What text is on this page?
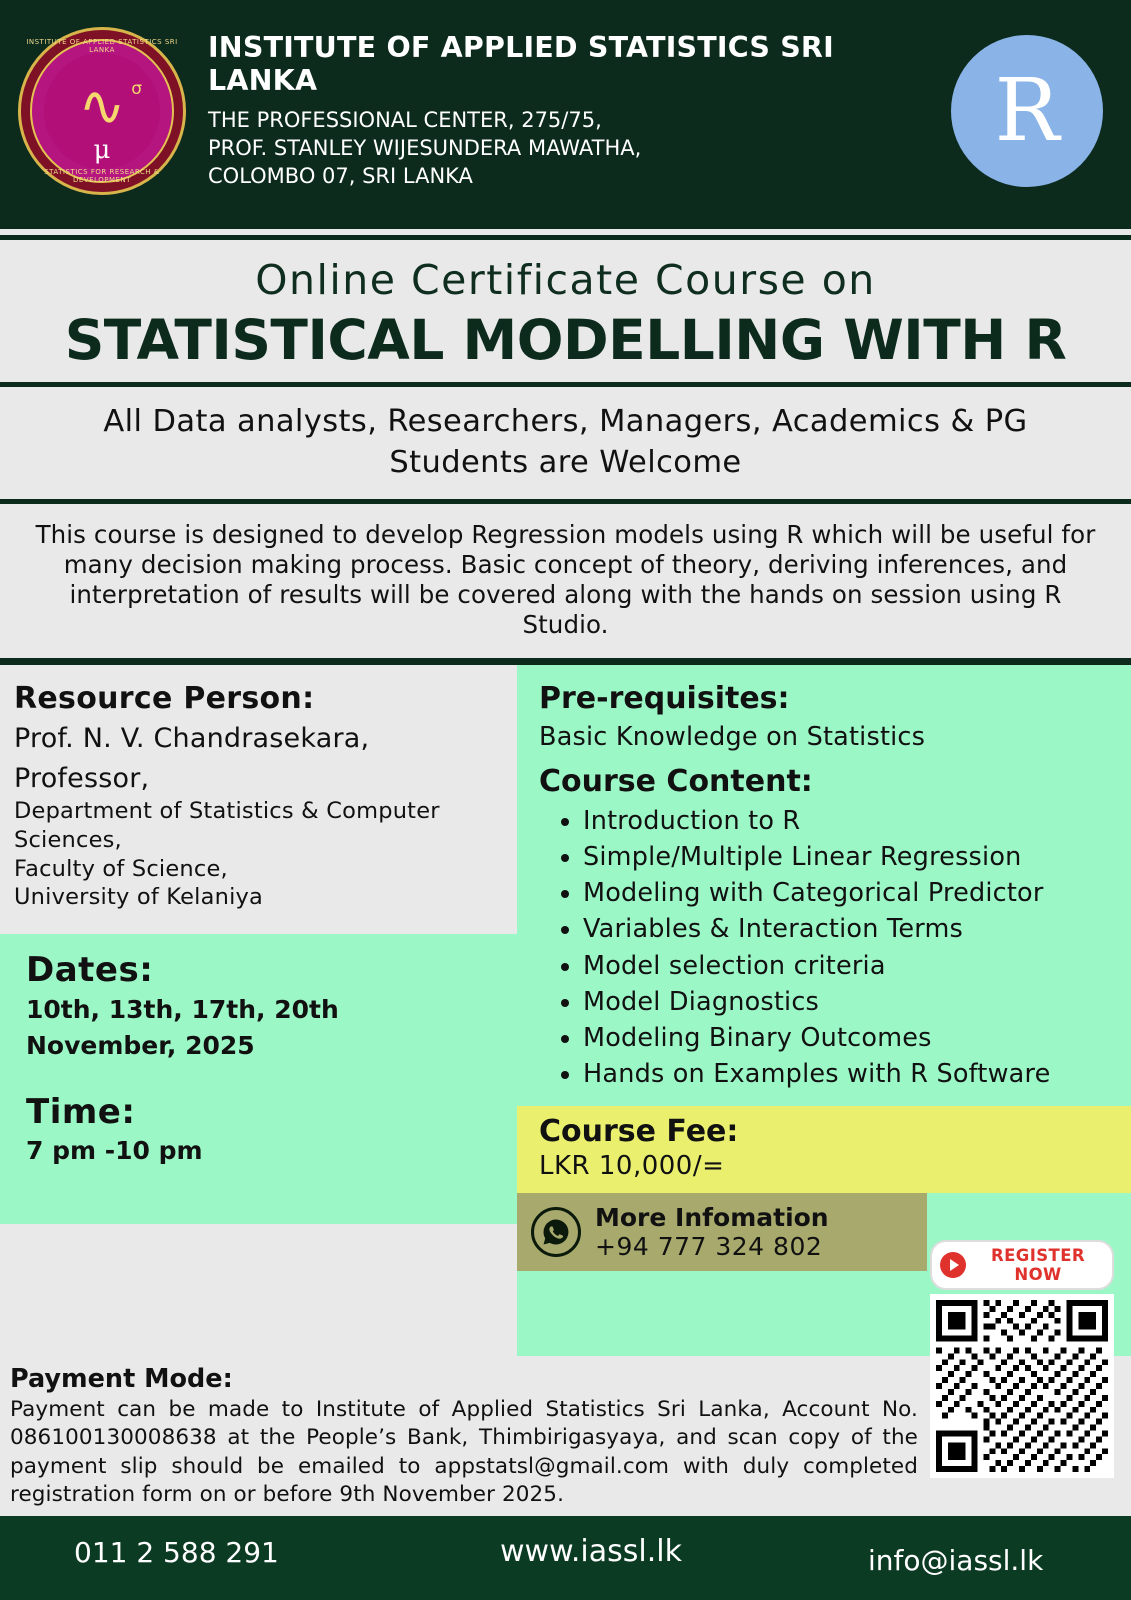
∿
μ
σ
INSTITUTE OF APPLIED STATISTICS SRI LANKA
STATISTICS FOR RESEARCH & DEVELOPMENT
INSTITUTE OF APPLIED STATISTICS SRI LANKA
THE PROFESSIONAL CENTER, 275/75,
PROF. STANLEY WIJESUNDERA MAWATHA,
COLOMBO 07, SRI LANKA
R
Online Certificate Course on
STATISTICAL MODELLING WITH R
All Data analysts, Researchers, Managers, Academics & PG Students are Welcome
This course is designed to develop Regression models using R which will be useful for many decision making process. Basic concept of theory, deriving inferences, and interpretation of results will be covered along with the hands on session using R Studio.
Resource Person:
Prof. N. V. Chandrasekara,
Professor,
Department of Statistics & Computer
Sciences,
Faculty of Science,
University of Kelaniya
Dates:
10th, 13th, 17th, 20th
November, 2025
Time:
7 pm -10 pm
Pre-requisites:
Basic Knowledge on Statistics
Course Content:
• Introduction to R
• Simple/Multiple Linear Regression
• Modeling with Categorical Predictor
• Variables & Interaction Terms
• Model selection criteria
• Model Diagnostics
• Modeling Binary Outcomes
• Hands on Examples with R Software
Course Fee:
LKR 10,000/=
More Infomation
+94 777 324 802	REGISTER NOW
Payment Mode:
Payment can be made to Institute of Applied Statistics Sri Lanka, Account No. 086100130008638 at the People’s Bank, Thimbirigasyaya, and scan copy of the payment slip should be emailed to appstatsl@gmail.com with duly completed registration form on or before 9th November 2025.
011 2 588 291	www.iassl.lk	info@iassl.lk
